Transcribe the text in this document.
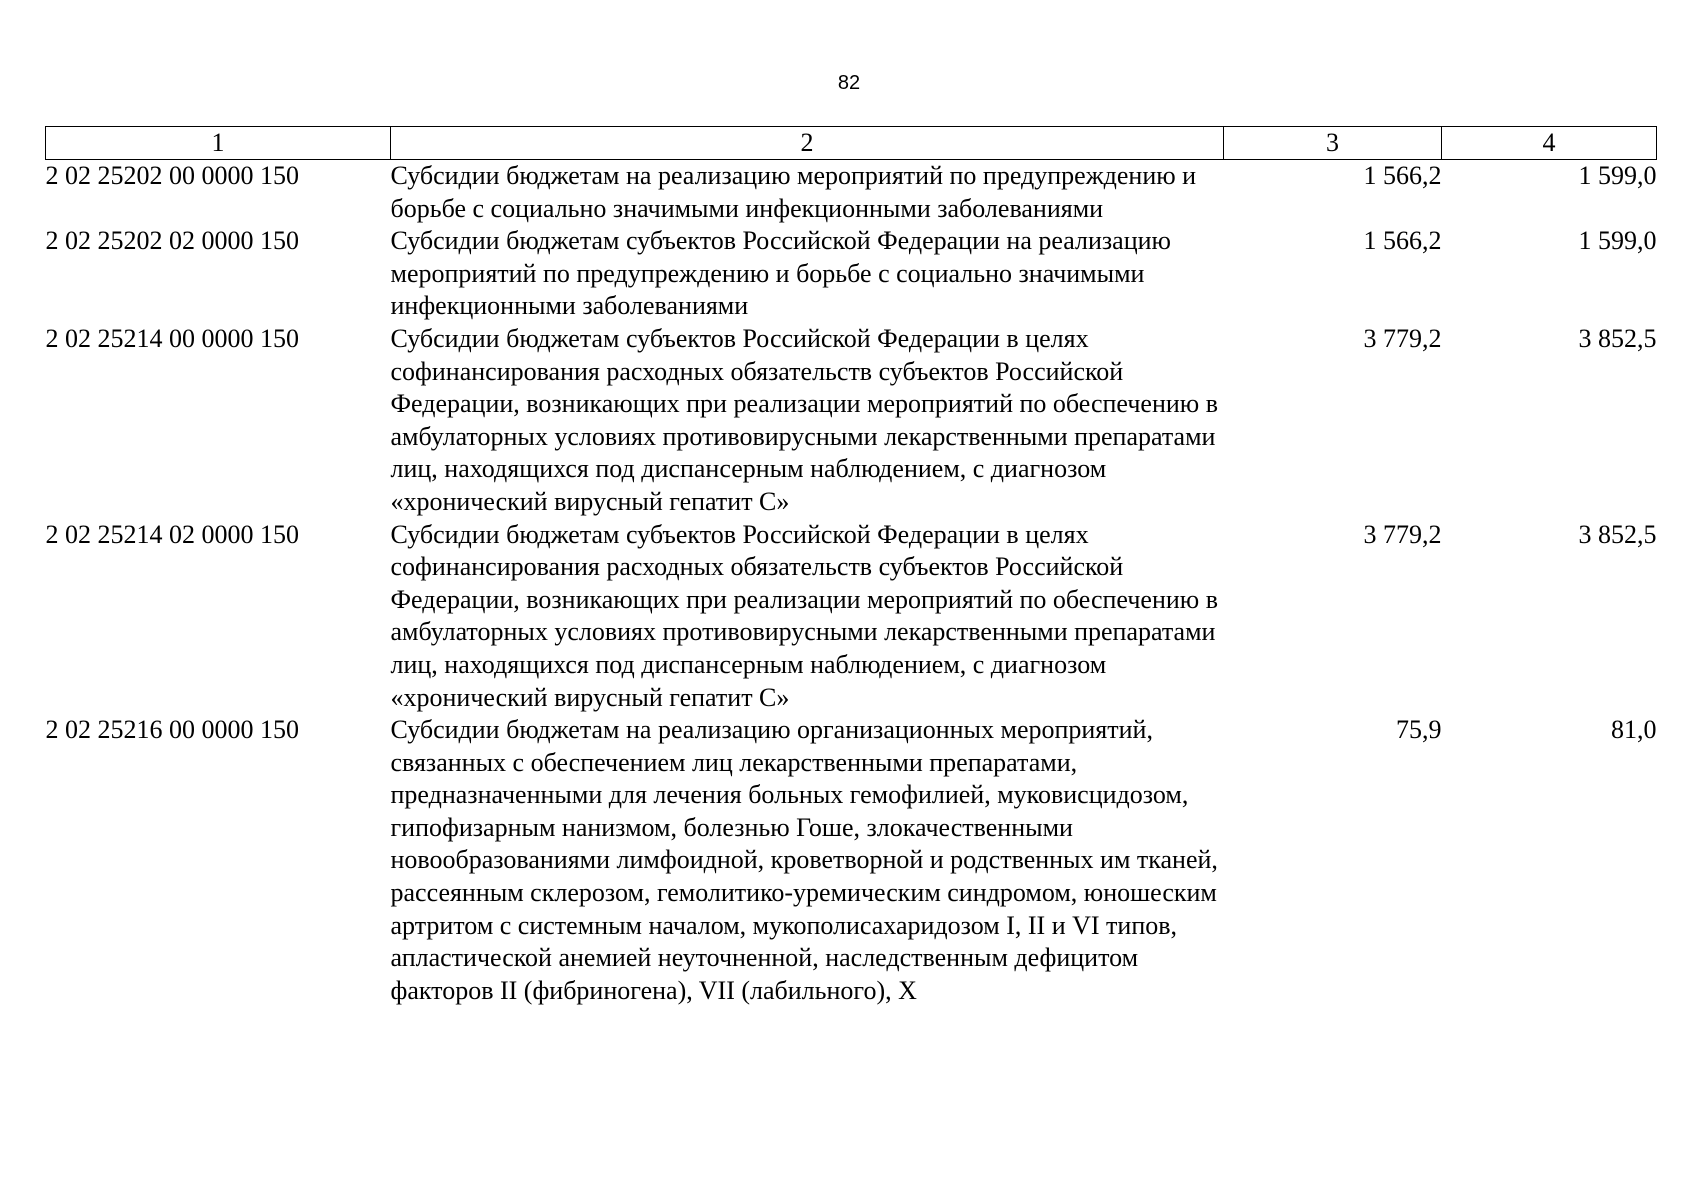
82
1	2	3	4
2 02 25202 00 0000 150	Субсидии бюджетам на реализацию мероприятий по предупреждению и борьбе с социально значимыми инфекционными заболеваниями	1 566,2	1 599,0
2 02 25202 02 0000 150	Субсидии бюджетам субъектов Российской Федерации на реализацию мероприятий по предупреждению и борьбе с социально значимыми инфекционными заболеваниями	1 566,2	1 599,0
2 02 25214 00 0000 150	Субсидии бюджетам субъектов Российской Федерации в целях софинансирования расходных обязательств субъектов Российской Федерации, возникающих при реализации мероприятий по обеспечению в амбулаторных условиях противовирусными лекарственными препаратами лиц, находящихся под диспансерным наблюдением, с диагнозом «хронический вирусный гепатит С»	3 779,2	3 852,5
2 02 25214 02 0000 150	Субсидии бюджетам субъектов Российской Федерации в целях софинансирования расходных обязательств субъектов Российской Федерации, возникающих при реализации мероприятий по обеспечению в амбулаторных условиях противовирусными лекарственными препаратами лиц, находящихся под диспансерным наблюдением, с диагнозом «хронический вирусный гепатит С»	3 779,2	3 852,5
2 02 25216 00 0000 150	Субсидии бюджетам на реализацию организационных мероприятий, связанных с обеспечением лиц лекарственными препаратами, предназначенными для лечения больных гемофилией, муковисцидозом, гипофизарным нанизмом, болезнью Гоше, злокачественными новообразованиями лимфоидной, кроветворной и родственных им тканей, рассеянным склерозом, гемолитико-уремическим синдромом, юношеским артритом с системным началом, мукополисахаридозом I, II и VI типов, апластической анемией неуточненной, наследственным дефицитом факторов II (фибриногена), VII (лабильного), X	75,9	81,0
